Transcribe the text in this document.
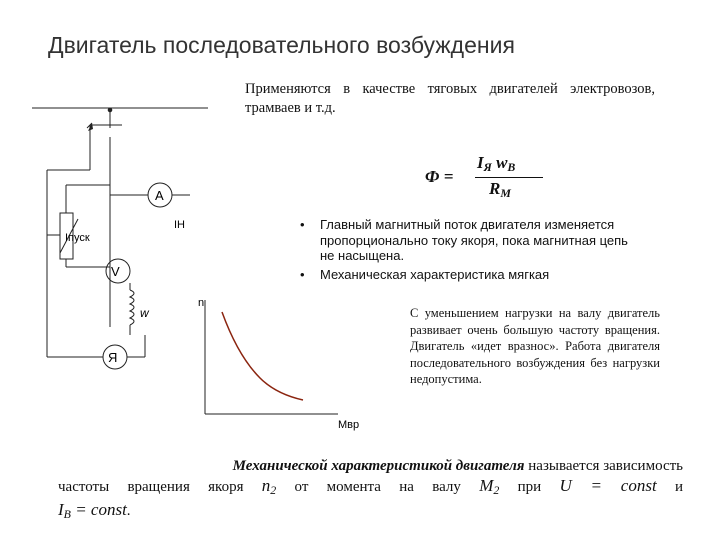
Двигатель последовательного возбуждения
Применяются в качестве тяговых двигателей электровозов, трамваев и т.д.
Ф =
$I_Я$ $w_В$
$R_М$
• Главный магнитный поток двигателя изменяется пропорционально току якоря, пока магнитная цепь не насыщена.
• Механическая характеристика мягкая
С уменьшением нагрузки на валу двигатель развивает очень большую частоту вращения. Двигатель «идет вразнос». Работа двигателя последовательного возбуждения без нагрузки недопустима.
A
V
Я
w
Iпуск
IН
n
Мвр
Механической характеристикой двигателя называется зависимость
частоты вращения якоря $n_2$ от момента на валу $M_2$ при U = const и
$I_В$ = const.
